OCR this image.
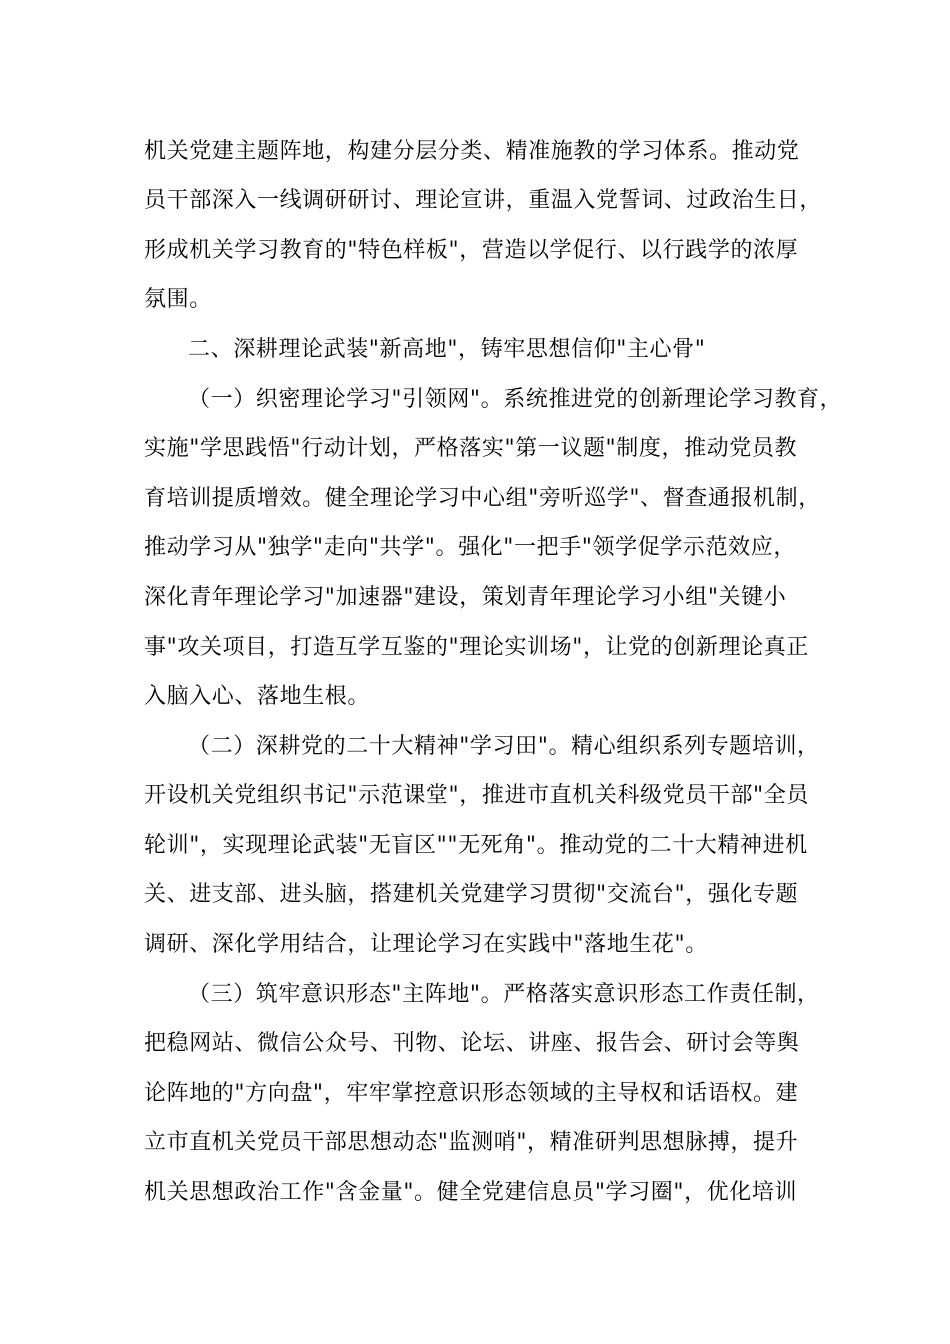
机关党建主题阵地，构建分层分类、精准施教的学习体系。推动党
员干部深入一线调研研讨、理论宣讲，重温入党誓词、过政治生日，
形成机关学习教育的"特色样板"，营造以学促行、以行践学的浓厚
氛围。
二、深耕理论武装"新高地"，铸牢思想信仰"主心骨"
（一）织密理论学习"引领网"。系统推进党的创新理论学习教育，
实施"学思践悟"行动计划，严格落实"第一议题"制度，推动党员教
育培训提质增效。健全理论学习中心组"旁听巡学"、督查通报机制，
推动学习从"独学"走向"共学"。强化"一把手"领学促学示范效应，
深化青年理论学习"加速器"建设，策划青年理论学习小组"关键小
事"攻关项目，打造互学互鉴的"理论实训场"，让党的创新理论真正
入脑入心、落地生根。
（二）深耕党的二十大精神"学习田"。精心组织系列专题培训，
开设机关党组织书记"示范课堂"，推进市直机关科级党员干部"全员
轮训"，实现理论武装"无盲区""无死角"。推动党的二十大精神进机
关、进支部、进头脑，搭建机关党建学习贯彻"交流台"，强化专题
调研、深化学用结合，让理论学习在实践中"落地生花"。
（三）筑牢意识形态"主阵地"。严格落实意识形态工作责任制，
把稳网站、微信公众号、刊物、论坛、讲座、报告会、研讨会等舆
论阵地的"方向盘"，牢牢掌控意识形态领域的主导权和话语权。建
立市直机关党员干部思想动态"监测哨"，精准研判思想脉搏，提升
机关思想政治工作"含金量"。健全党建信息员"学习圈"，优化培训
